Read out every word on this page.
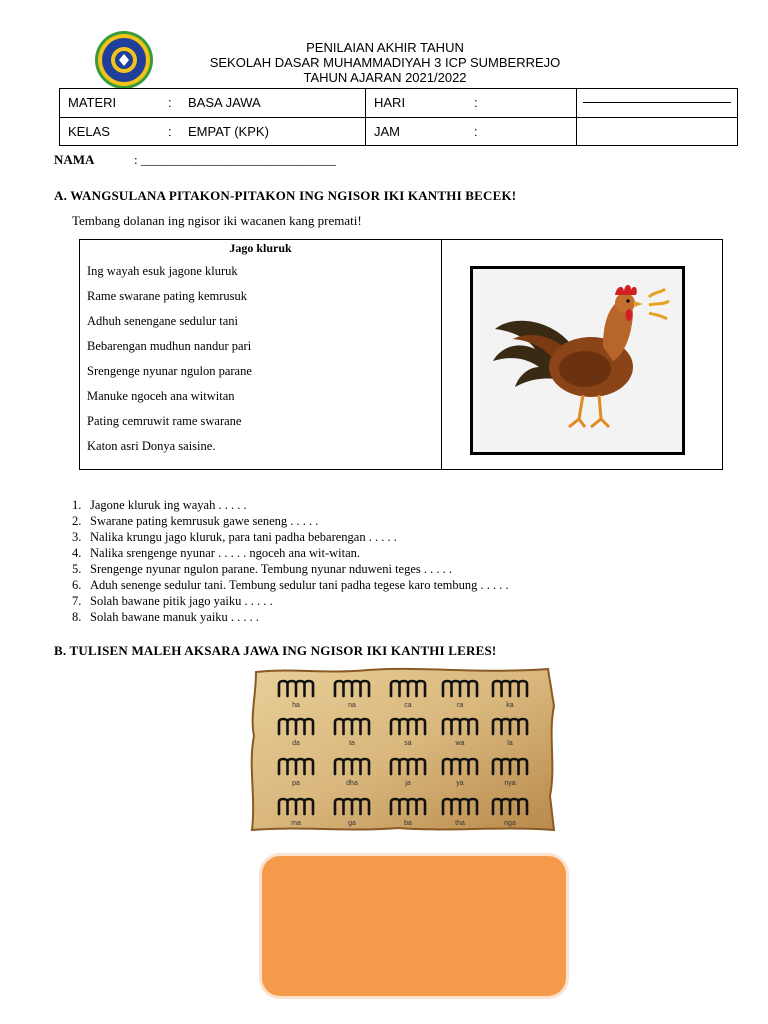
PENILAIAN AKHIR TAHUN
SEKOLAH DASAR MUHAMMADIYAH 3 ICP SUMBERREJO
TAHUN AJARAN 2021/2022
MATERI : BASA JAWA	HARI :	

KELAS : EMPAT (KPK)	JAM :	
NAMA	: ______________________________
A. WANGSULANA PITAKON-PITAKON ING NGISOR IKI KANTHI BECEK!
Tembang dolanan ing ngisor iki wacanen kang premati!
Jago kluruk
Ing wayah esuk jagone kluruk
Rame swarane pating kemrusuk
Adhuh senengane sedulur tani
Bebarengan mudhun nandur pari
Srengenge nyunar ngulon parane
Manuke ngoceh ana witwitan
Pating cemruwit rame swarane
Katon asri Donya saisine.
1. Jagone kluruk ing wayah . . . . .
2. Swarane pating kemrusuk gawe seneng . . . . .
3. Nalika krungu jago kluruk, para tani padha bebarengan . . . . .
4. Nalika srengenge nyunar . . . . . ngoceh ana wit-witan.
5. Srengenge nyunar ngulon parane. Tembung nyunar nduweni teges . . . . .
6. Aduh senenge sedulur tani. Tembung sedulur tani padha tegese karo tembung . . . . .
7. Solah bawane pitik jago yaiku . . . . .
8. Solah bawane manuk yaiku . . . . .
B. TULISEN MALEH AKSARA JAWA ING NGISOR IKI KANTHI LERES!
ha	na	ca	ra	ka
da	ta	sa	wa	la
pa	dha	ja	ya	nya
ma	ga	ba	tha	nga
